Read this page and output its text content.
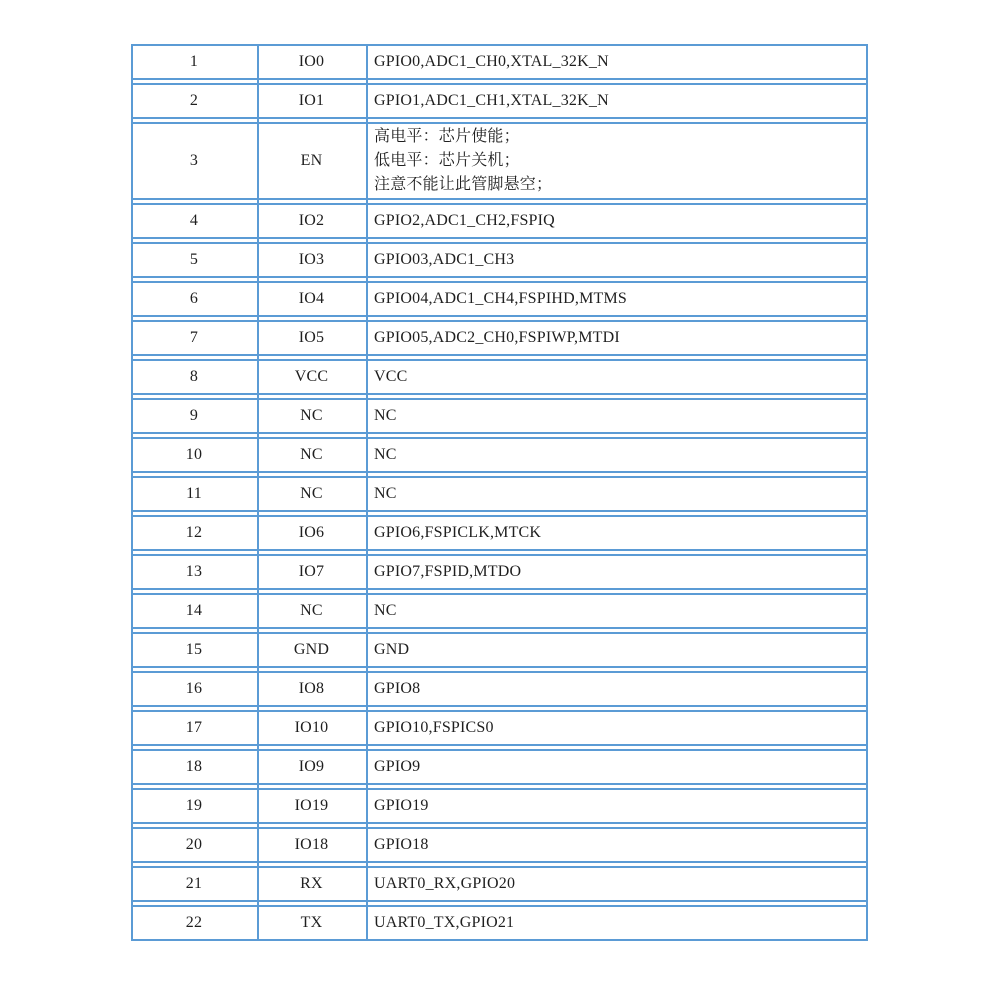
1	IO0	GPIO0,ADC1_CH0,XTAL_32K_N
2	IO1	GPIO1,ADC1_CH1,XTAL_32K_N
3	EN
高电平：芯片使能；
低电平：芯片关机；
注意不能让此管脚悬空；
4	IO2	GPIO2,ADC1_CH2,FSPIQ
5	IO3	GPIO03,ADC1_CH3
6	IO4	GPIO04,ADC1_CH4,FSPIHD,MTMS
7	IO5	GPIO05,ADC2_CH0,FSPIWP,MTDI
8	VCC	VCC
9	NC	NC
10	NC	NC
11	NC	NC
12	IO6	GPIO6,FSPICLK,MTCK
13	IO7	GPIO7,FSPID,MTDO
14	NC	NC
15	GND	GND
16	IO8	GPIO8
17	IO10	GPIO10,FSPICS0
18	IO9	GPIO9
19	IO19	GPIO19
20	IO18	GPIO18
21	RX	UART0_RX,GPIO20
22	TX	UART0_TX,GPIO21
